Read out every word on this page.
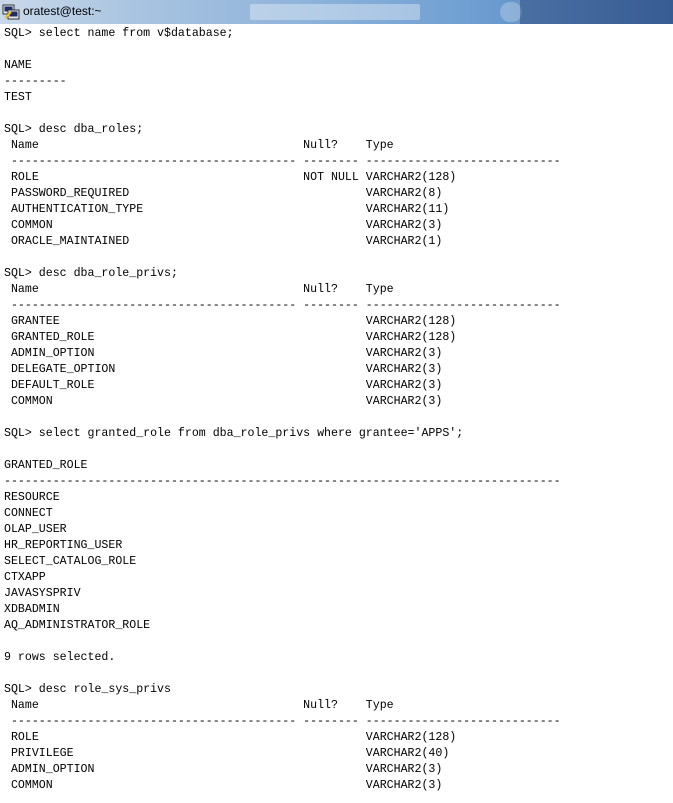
oratest@test:~
SQL> select name from v$database;

NAME
---------
TEST

SQL> desc dba_roles;
Name                                      Null?    Type
----------------------------------------- -------- ----------------------------
ROLE                                      NOT NULL VARCHAR2(128)
PASSWORD_REQUIRED                                  VARCHAR2(8)
AUTHENTICATION_TYPE                                VARCHAR2(11)
COMMON                                             VARCHAR2(3)
ORACLE_MAINTAINED                                  VARCHAR2(1)

SQL> desc dba_role_privs;
Name                                      Null?    Type
----------------------------------------- -------- ----------------------------
GRANTEE                                            VARCHAR2(128)
GRANTED_ROLE                                       VARCHAR2(128)
ADMIN_OPTION                                       VARCHAR2(3)
DELEGATE_OPTION                                    VARCHAR2(3)
DEFAULT_ROLE                                       VARCHAR2(3)
COMMON                                             VARCHAR2(3)

SQL> select granted_role from dba_role_privs where grantee='APPS';

GRANTED_ROLE
--------------------------------------------------------------------------------
RESOURCE
CONNECT
OLAP_USER
HR_REPORTING_USER
SELECT_CATALOG_ROLE
CTXAPP
JAVASYSPRIV
XDBADMIN
AQ_ADMINISTRATOR_ROLE

9 rows selected.

SQL> desc role_sys_privs
Name                                      Null?    Type
----------------------------------------- -------- ----------------------------
ROLE                                               VARCHAR2(128)
PRIVILEGE                                          VARCHAR2(40)
ADMIN_OPTION                                       VARCHAR2(3)
COMMON                                             VARCHAR2(3)
